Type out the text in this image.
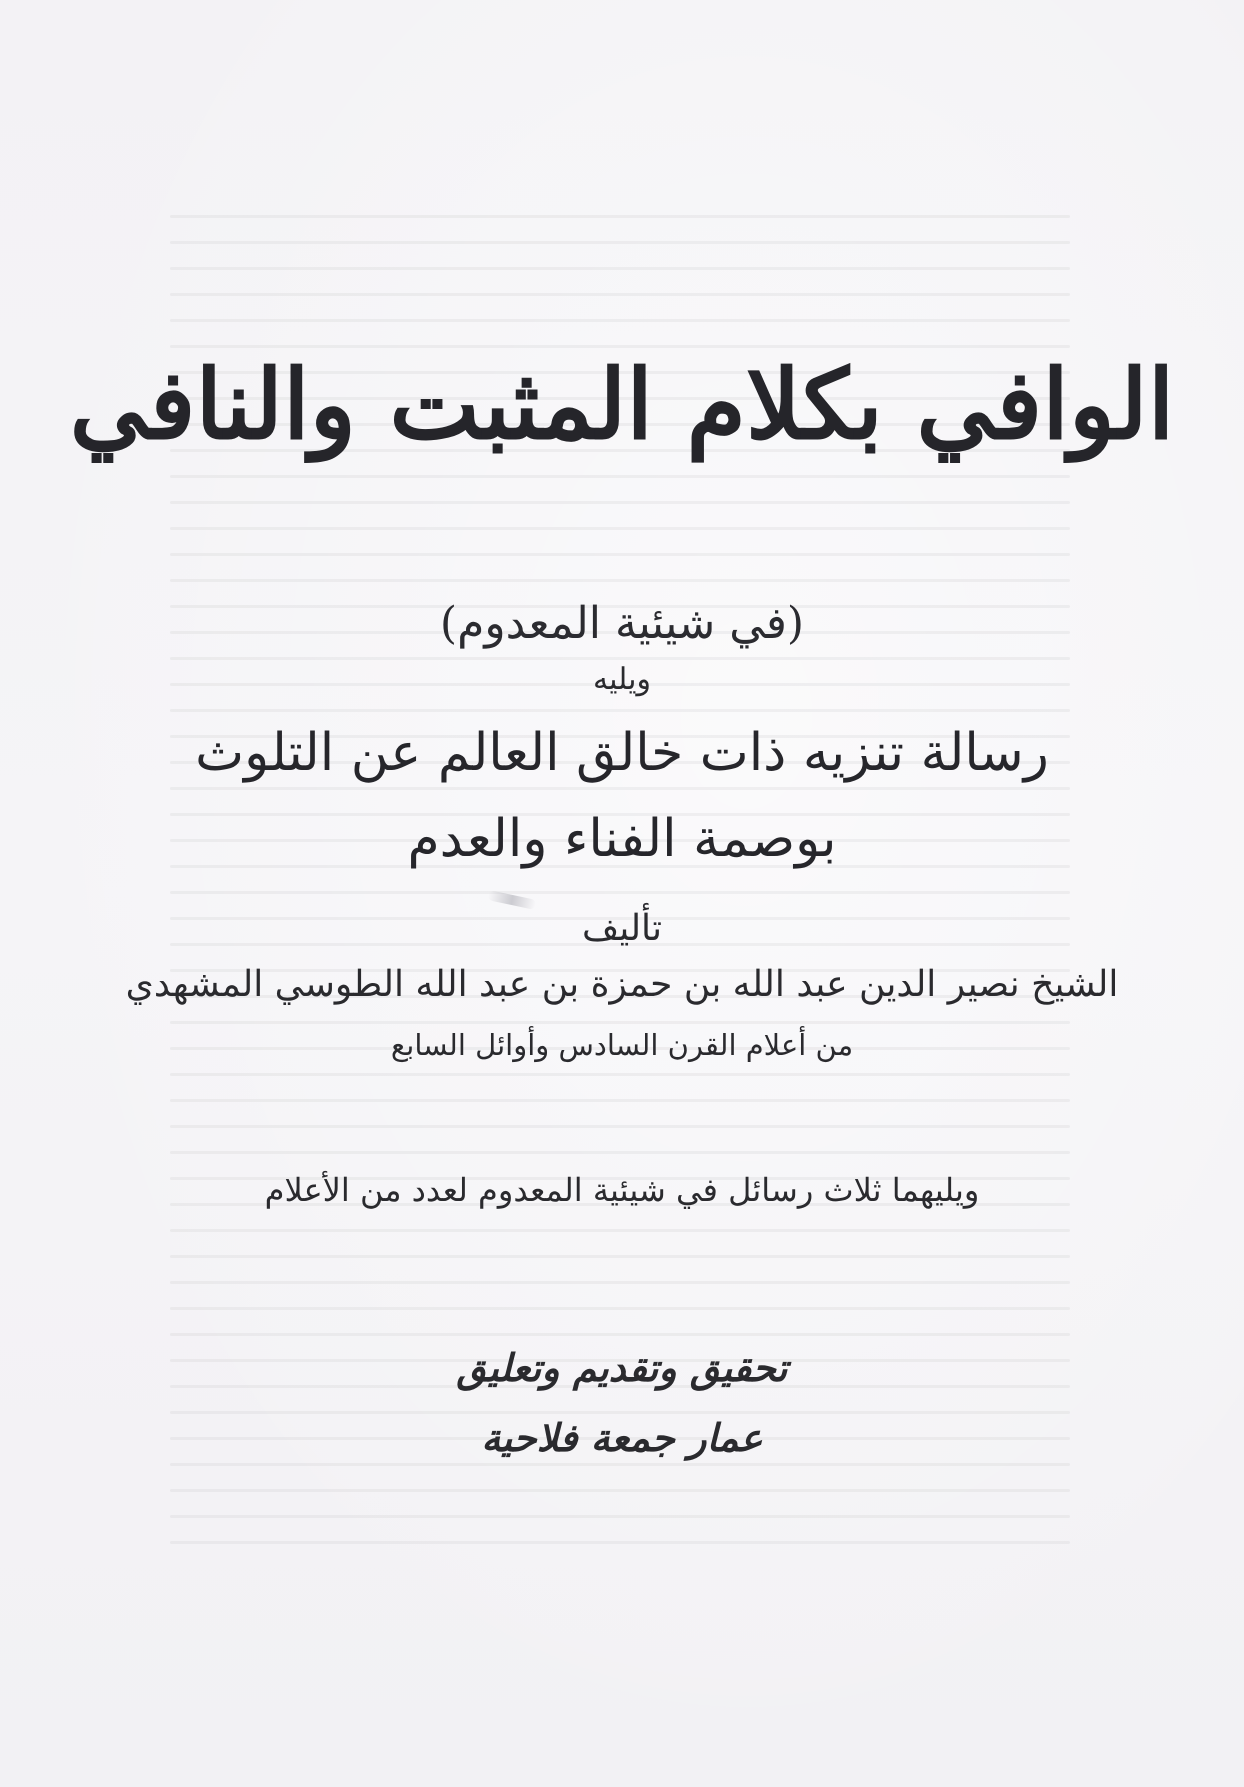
الوافي بكلام المثبت والنافي
(في شيئية المعدوم)
ويليه
رسالة تنزيه ذات خالق العالم عن التلوث
بوصمة الفناء والعدم
تأليف
الشيخ نصير الدين عبد الله بن حمزة بن عبد الله الطوسي المشهدي
من أعلام القرن السادس وأوائل السابع
ويليهما ثلاث رسائل في شيئية المعدوم لعدد من الأعلام
تحقيق وتقديم وتعليق
عمار جمعة فلاحية
